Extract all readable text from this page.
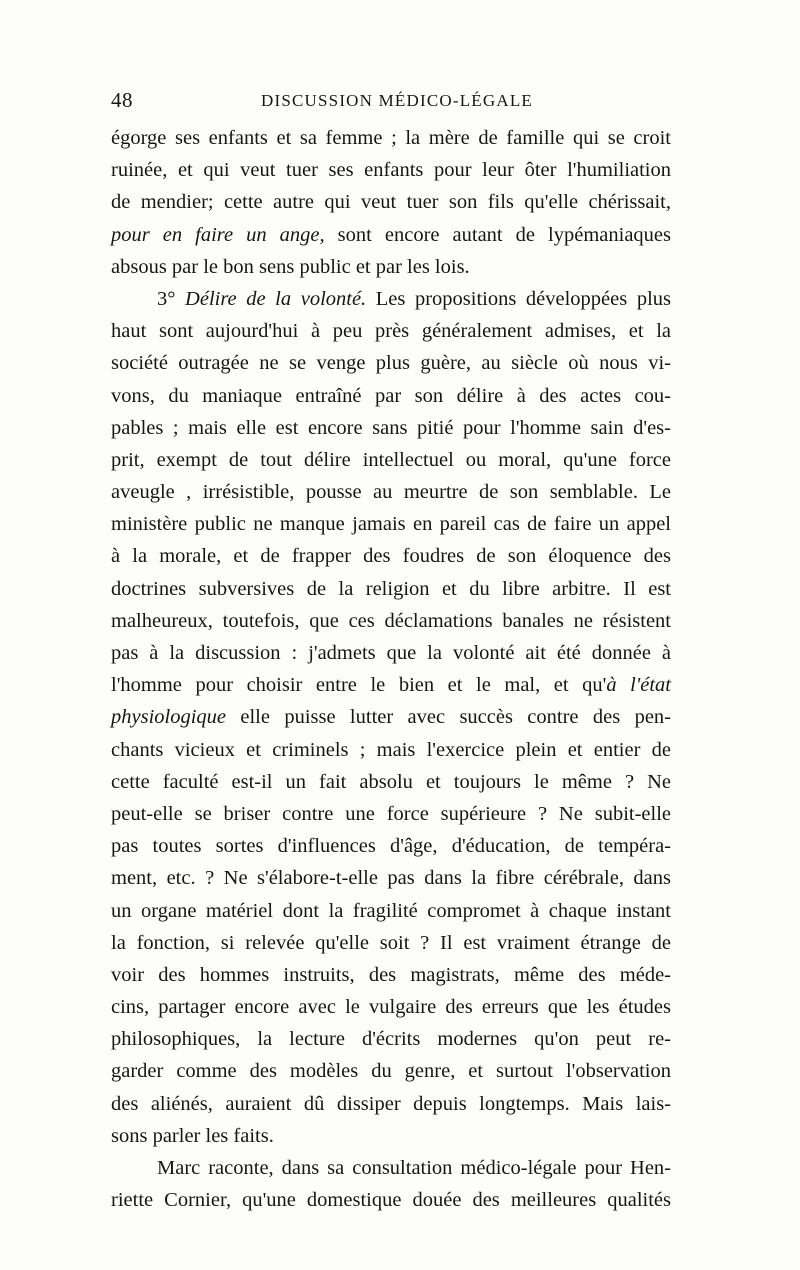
48	DISCUSSION MÉDICO-LÉGALE
égorge ses enfants et sa femme ; la mère de famille qui se croit
ruinée, et qui veut tuer ses enfants pour leur ôter l'humiliation
de mendier; cette autre qui veut tuer son fils qu'elle chérissait,
pour en faire un ange, sont encore autant de lypémaniaques
absous par le bon sens public et par les lois.
3° Délire de la volonté. Les propositions développées plus
haut sont aujourd'hui à peu près généralement admises, et la
société outragée ne se venge plus guère, au siècle où nous vi-
vons, du maniaque entraîné par son délire à des actes cou-
pables ; mais elle est encore sans pitié pour l'homme sain d'es-
prit, exempt de tout délire intellectuel ou moral, qu'une force
aveugle , irrésistible, pousse au meurtre de son semblable. Le
ministère public ne manque jamais en pareil cas de faire un appel
à la morale, et de frapper des foudres de son éloquence des
doctrines subversives de la religion et du libre arbitre. Il est
malheureux, toutefois, que ces déclamations banales ne résistent
pas à la discussion : j'admets que la volonté ait été donnée à
l'homme pour choisir entre le bien et le mal, et qu'à l'état
physiologique elle puisse lutter avec succès contre des pen-
chants vicieux et criminels ; mais l'exercice plein et entier de
cette faculté est-il un fait absolu et toujours le même ? Ne
peut-elle se briser contre une force supérieure ? Ne subit-elle
pas toutes sortes d'influences d'âge, d'éducation, de tempéra-
ment, etc. ? Ne s'élabore-t-elle pas dans la fibre cérébrale, dans
un organe matériel dont la fragilité compromet à chaque instant
la fonction, si relevée qu'elle soit ? Il est vraiment étrange de
voir des hommes instruits, des magistrats, même des méde-
cins, partager encore avec le vulgaire des erreurs que les études
philosophiques, la lecture d'écrits modernes qu'on peut re-
garder comme des modèles du genre, et surtout l'observation
des aliénés, auraient dû dissiper depuis longtemps. Mais lais-
sons parler les faits.
Marc raconte, dans sa consultation médico-légale pour Hen-
riette Cornier, qu'une domestique douée des meilleures qualités
